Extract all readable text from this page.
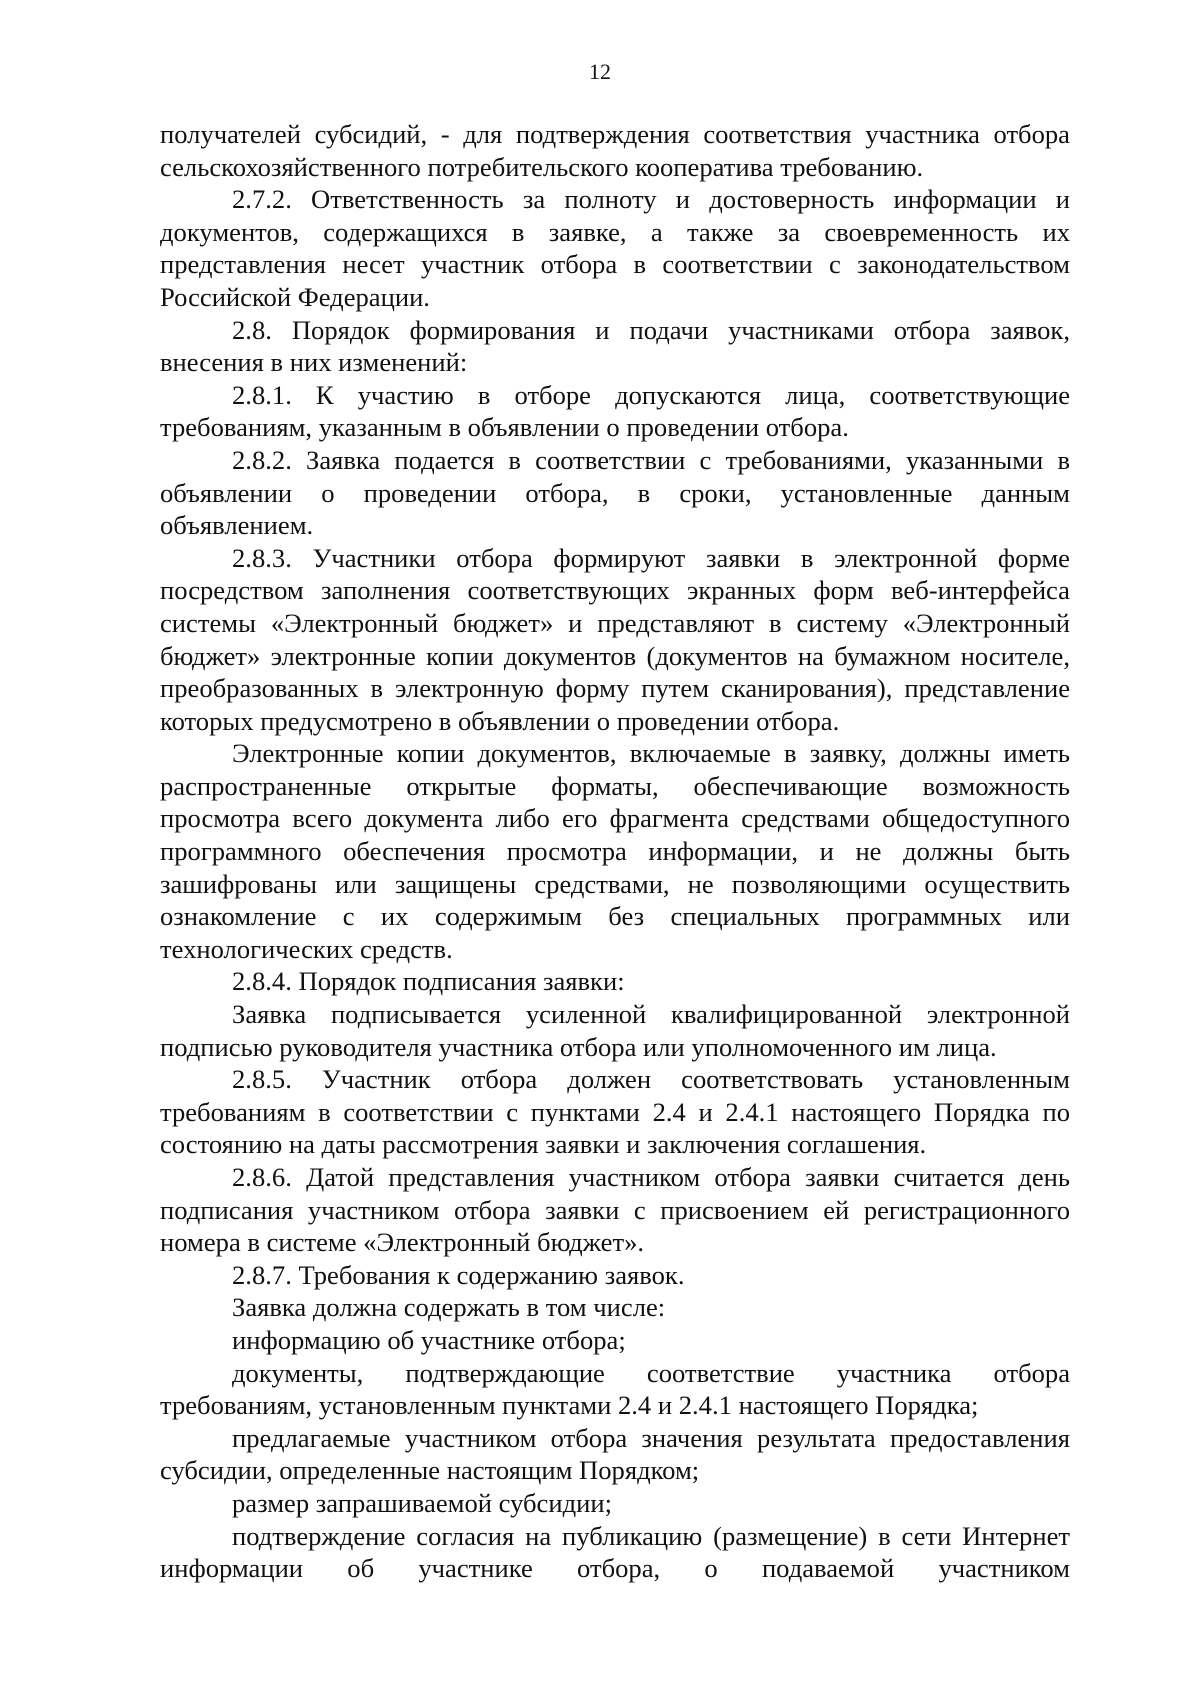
12

получателей субсидий, - для подтверждения соответствия участника отбора сельскохозяйственного потребительского кооператива требованию.

2.7.2. Ответственность за полноту и достоверность информации и документов, содержащихся в заявке, а также за своевременность их представления несет участник отбора в соответствии с законодательством Российской Федерации.

2.8. Порядок формирования и подачи участниками отбора заявок, внесения в них изменений:

2.8.1. К участию в отборе допускаются лица, соответствующие требованиям, указанным в объявлении о проведении отбора.

2.8.2. Заявка подается в соответствии с требованиями, указанными в объявлении о проведении отбора, в сроки, установленные данным объявлением.

2.8.3. Участники отбора формируют заявки в электронной форме посредством заполнения соответствующих экранных форм веб-интерфейса системы «Электронный бюджет» и представляют в систему «Электронный бюджет» электронные копии документов (документов на бумажном носителе, преобразованных в электронную форму путем сканирования), представление которых предусмотрено в объявлении о проведении отбора.

Электронные копии документов, включаемые в заявку, должны иметь распространенные открытые форматы, обеспечивающие возможность просмотра всего документа либо его фрагмента средствами общедоступного программного обеспечения просмотра информации, и не должны быть зашифрованы или защищены средствами, не позволяющими осуществить ознакомление с их содержимым без специальных программных или технологических средств.

2.8.4. Порядок подписания заявки:

Заявка подписывается усиленной квалифицированной электронной подписью руководителя участника отбора или уполномоченного им лица.

2.8.5. Участник отбора должен соответствовать установленным требованиям в соответствии с пунктами 2.4 и 2.4.1 настоящего Порядка по состоянию на даты рассмотрения заявки и заключения соглашения.

2.8.6. Датой представления участником отбора заявки считается день подписания участником отбора заявки с присвоением ей регистрационного номера в системе «Электронный бюджет».

2.8.7. Требования к содержанию заявок.

Заявка должна содержать в том числе:

информацию об участнике отбора;

документы, подтверждающие соответствие участника отбора требованиям, установленным пунктами 2.4 и 2.4.1 настоящего Порядка;

предлагаемые участником отбора значения результата предоставления субсидии, определенные настоящим Порядком;

размер запрашиваемой субсидии;

подтверждение согласия на публикацию (размещение) в сети Интернет информации об участнике отбора, о подаваемой участником
